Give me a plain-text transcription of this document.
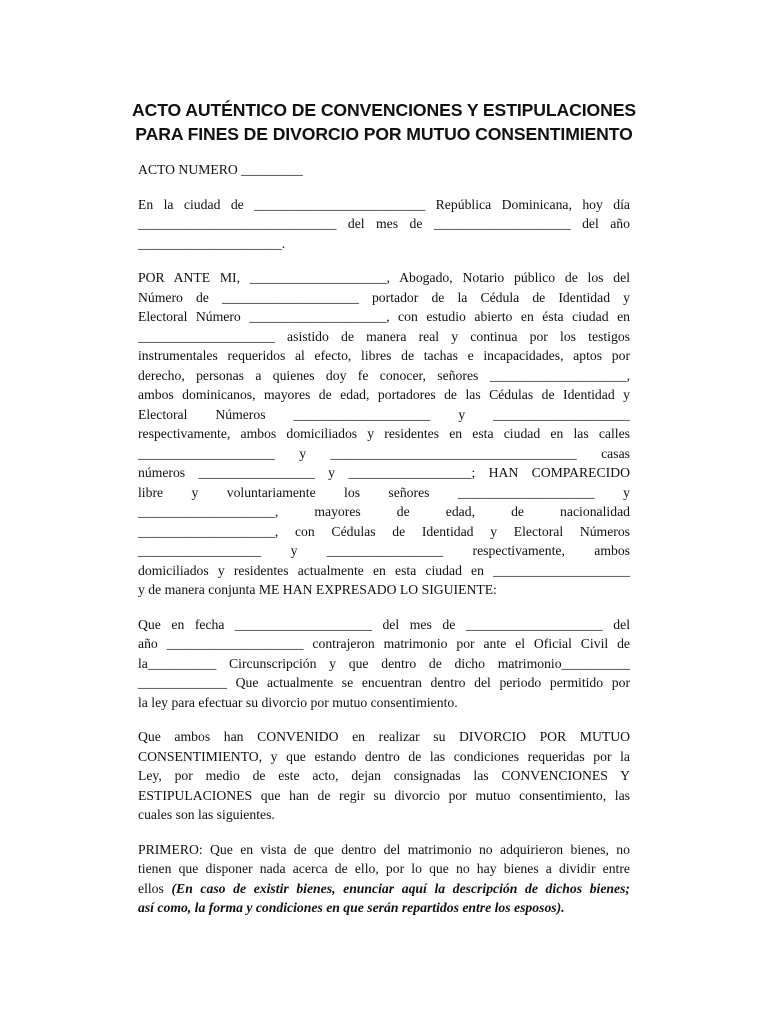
ACTO AUTÉNTICO DE CONVENCIONES Y ESTIPULACIONES
PARA FINES DE DIVORCIO POR MUTUO CONSENTIMIENTO

ACTO NUMERO _________

En la ciudad de _________________________ República Dominicana, hoy día
_____________________________ del mes de ____________________ del año
_____________________.

POR ANTE MI, ____________________, Abogado, Notario público de los del
Número de ____________________ portador de la Cédula de Identidad y
Electoral Número ____________________, con estudio abierto en ésta ciudad en
____________________ asistido de manera real y continua por los testigos
instrumentales requeridos al efecto, libres de tachas e incapacidades, aptos por
derecho, personas a quienes doy fe conocer, señores ____________________,
ambos dominicanos, mayores de edad, portadores de las Cédulas de Identidad y
Electoral Números ____________________ y ____________________
respectivamente, ambos domiciliados y residentes en esta ciudad en las calles
____________________ y ____________________________________ casas
números _________________ y __________________; HAN COMPARECIDO
libre y voluntariamente los señores ____________________ y
____________________, mayores de edad, de nacionalidad
____________________, con Cédulas de Identidad y Electoral Números
__________________ y _________________ respectivamente, ambos
domiciliados y residentes actualmente en esta ciudad en ____________________
y de manera conjunta ME HAN EXPRESADO LO SIGUIENTE:

Que en fecha ____________________ del mes de ____________________ del
año ____________________ contrajeron matrimonio por ante el Oficial Civil de
la__________ Circunscripción y que dentro de dicho matrimonio__________
_____________ Que actualmente se encuentran dentro del periodo permitido por
la ley para efectuar su divorcio por mutuo consentimiento.

Que ambos han CONVENIDO en realizar su DIVORCIO POR MUTUO
CONSENTIMIENTO, y que estando dentro de las condiciones requeridas por la
Ley, por medio de este acto, dejan consignadas las CONVENCIONES Y
ESTIPULACIONES que han de regir su divorcio por mutuo consentimiento, las
cuales son las siguientes.

PRIMERO: Que en vista de que dentro del matrimonio no adquirieron bienes, no
tienen que disponer nada acerca de ello, por lo que no hay bienes a dividir entre
ellos (En caso de existir bienes, enunciar aquí la descripción de dichos bienes;
así como, la forma y condiciones en que serán repartidos entre los esposos).
